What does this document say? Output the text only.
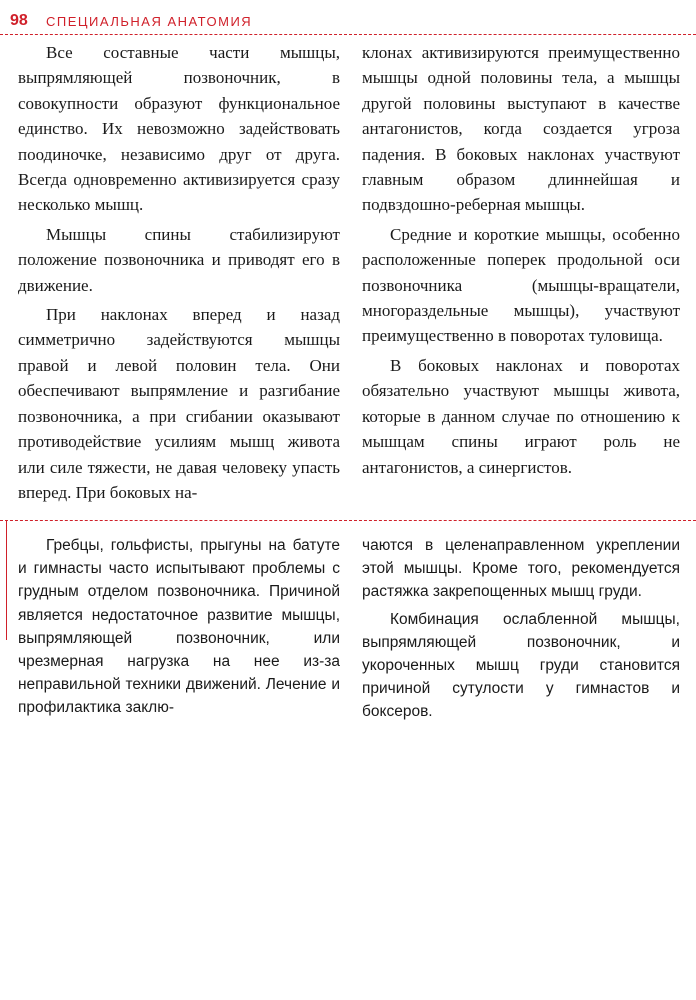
98 СПЕЦИАЛЬНАЯ АНАТОМИЯ

Все составные части мышцы, выпрямляющей позвоночник, в совокупности образуют функциональное единство. Их невозможно задействовать поодиночке, независимо друг от друга. Всегда одновременно активизируется сразу несколько мышц.

Мышцы спины стабилизируют положение позвоночника и приводят его в движение.

При наклонах вперед и назад симметрично задействуются мышцы правой и левой половин тела. Они обеспечивают выпрямление и разгибание позвоночника, а при сгибании оказывают противодействие усилиям мышц живота или силе тяжести, не давая человеку упасть вперед. При боковых на-

клонах активизируются преимущественно мышцы одной половины тела, а мышцы другой половины выступают в качестве антагонистов, когда создается угроза падения. В боковых наклонах участвуют главным образом длиннейшая и подвздошно-реберная мышцы.

Средние и короткие мышцы, особенно расположенные поперек продольной оси позвоночника (мышцы-вращатели, многораздельные мышцы), участвуют преимущественно в поворотах туловища.

В боковых наклонах и поворотах обязательно участвуют мышцы живота, которые в данном случае по отношению к мышцам спины играют роль не антагонистов, а синергистов.

Гребцы, гольфисты, прыгуны на батуте и гимнасты часто испытывают проблемы с грудным отделом позвоночника. Причиной является недостаточное развитие мышцы, выпрямляющей позвоночник, или чрезмерная нагрузка на нее из-за неправильной техники движений. Лечение и профилактика заклю-

чаются в целенаправленном укреплении этой мышцы. Кроме того, рекомендуется растяжка закрепощенных мышц груди.

Комбинация ослабленной мышцы, выпрямляющей позвоночник, и укороченных мышц груди становится причиной сутулости у гимнастов и боксеров.
